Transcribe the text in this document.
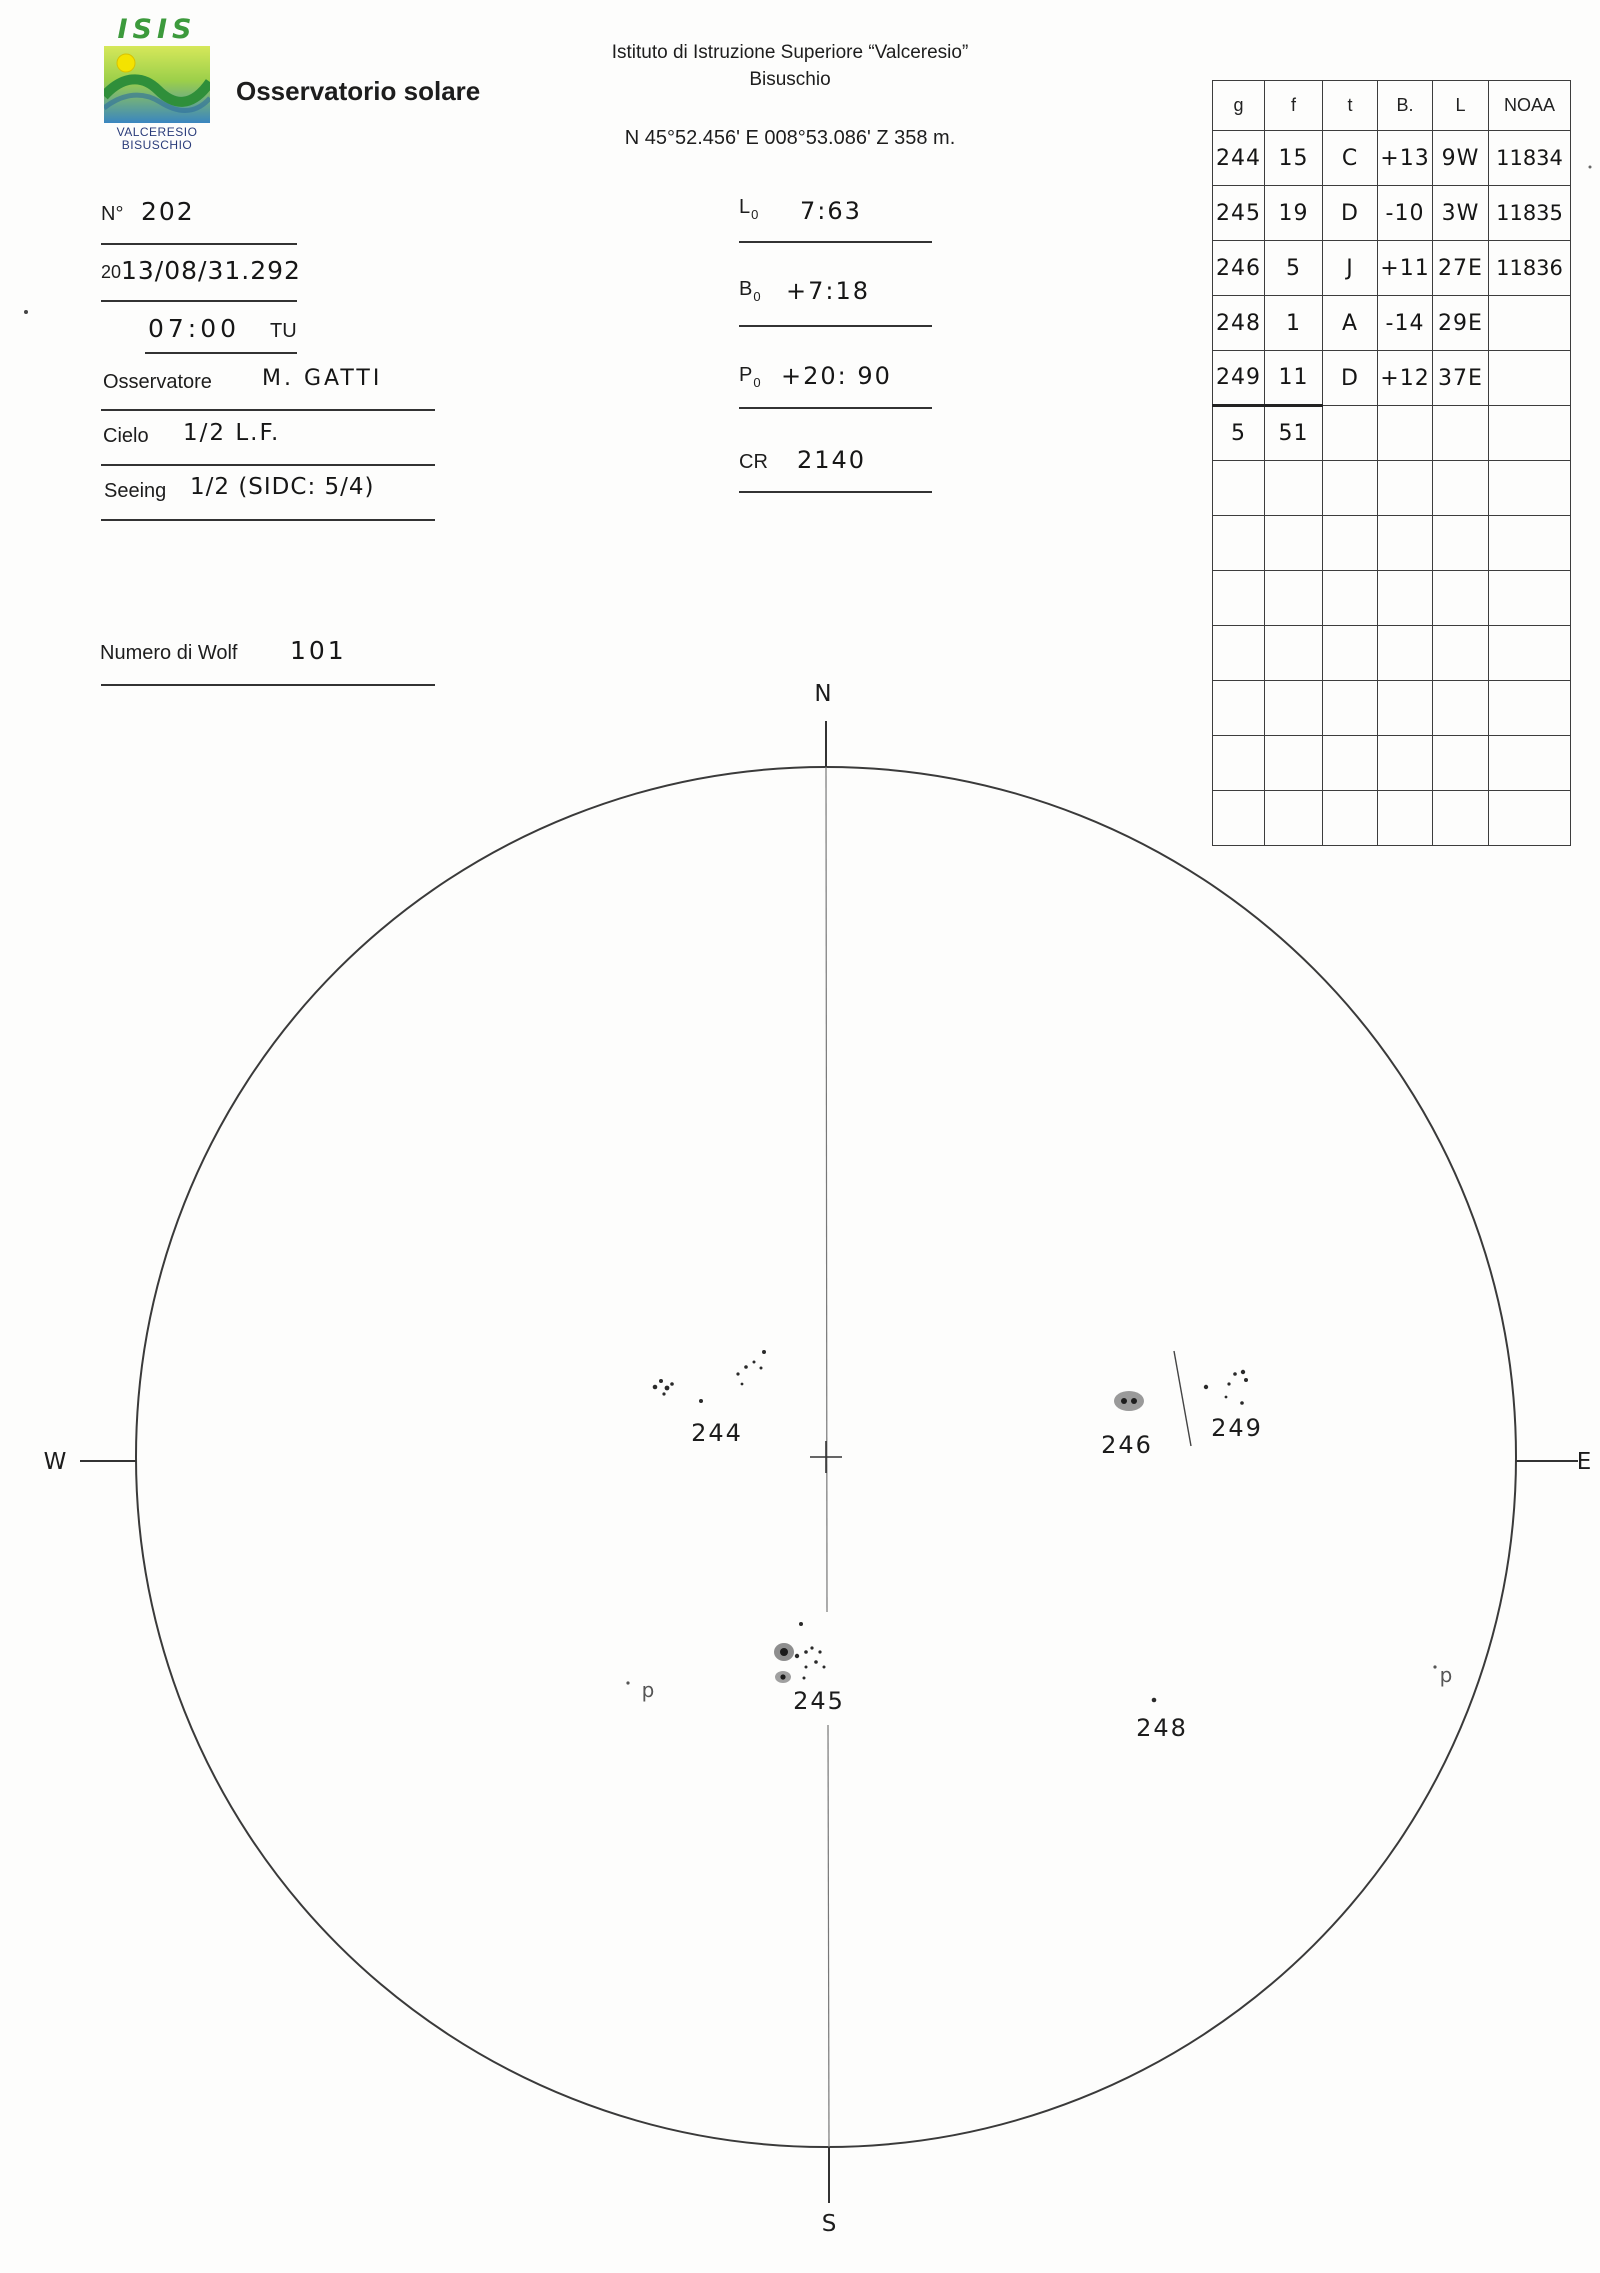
ISIS
VALCERESIO
BISUSCHIO
Osservatorio solare
Istituto di Istruzione Superiore “Valceresio”
Bisuschio
N 45°52.456' E 008°53.086' Z 358 m.
N° 202
20 13/08/31.292
07:00 TU
Osservatore M. GATTI
Cielo 1/2 L.F.
Seeing 1/2 (SIDC: 5/4)
Numero di Wolf 101
$L_0$ 7:63
$B_0$ +7:18
$P_0 +20$: 90
CR 2140
g	f	t	B.	L	NOAA
244	15	C	+13	9W	11834
245	19	D	-10	3W	11835
246	5	J	+11	27E	11836
248	1	A	-14	29E	
249	11	D	+12	37E	
5	51				

N
S
W	E
244	246
249
245
248
p
p
